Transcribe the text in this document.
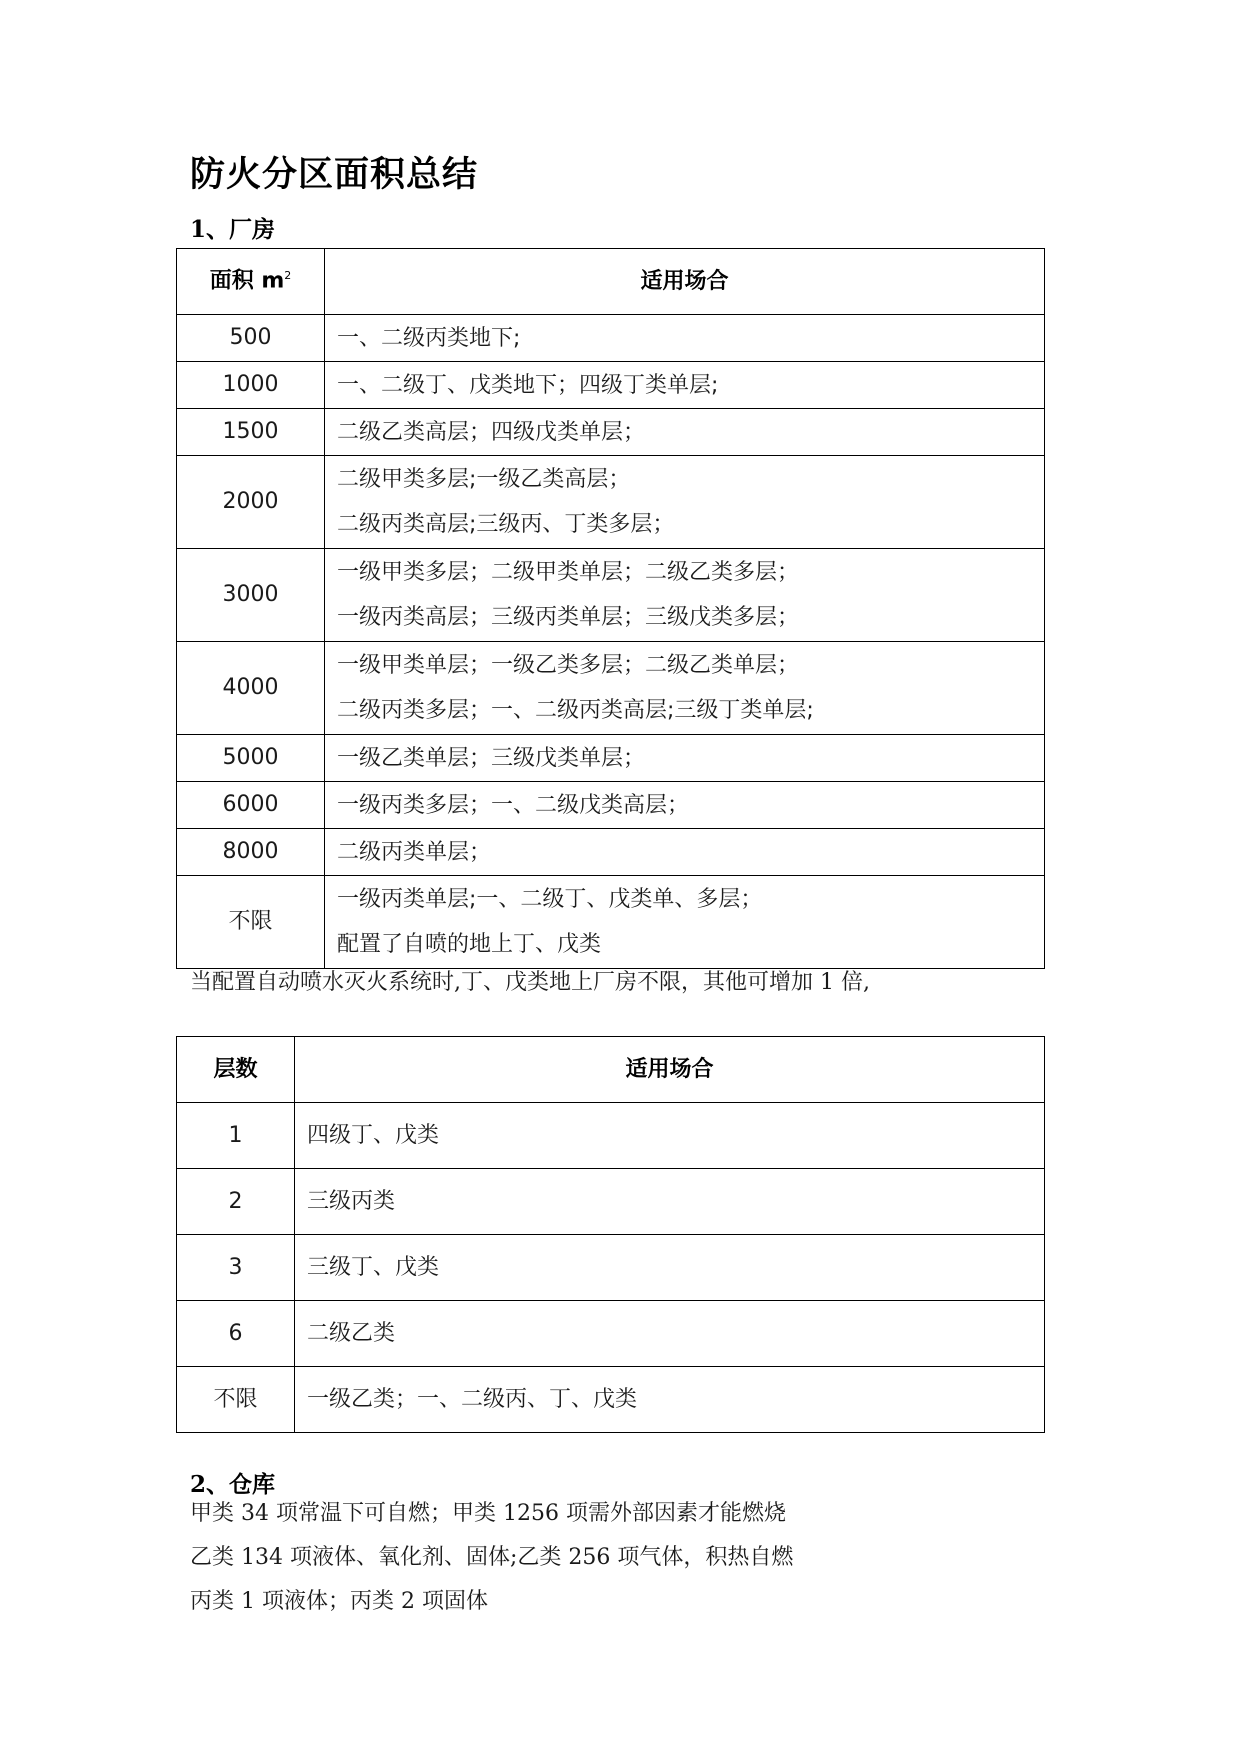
防火分区面积总结
1、厂房
面积 $m^2$	适用场合
500	一、二级丙类地下;

1000	一、二级丁、戊类地下；四级丁类单层;

1500	二级乙类高层；四级戊类单层；

2000	二级甲类多层;一级乙类高层；
二级丙类高层;三级丙、丁类多层；

3000	一级甲类多层；二级甲类单层；二级乙类多层；
一级丙类高层；三级丙类单层；三级戊类多层；

4000	一级甲类单层；一级乙类多层；二级乙类单层；
二级丙类多层；一、二级丙类高层;三级丁类单层;

5000	一级乙类单层；三级戊类单层；

6000	一级丙类多层；一、二级戊类高层；

8000	二级丙类单层；

不限	一级丙类单层;一、二级丁、戊类单、多层；
配置了自喷的地上丁、戊类
当配置自动喷水灭火系统时,丁、戊类地上厂房不限，其他可增加 1 倍,
层数	适用场合
1	四级丁、戊类
2	三级丙类
3	三级丁、戊类
6	二级乙类
不限	一级乙类；一、二级丙、丁、戊类
2、仓库
甲类 34 项常温下可自燃；甲类 1256 项需外部因素才能燃烧
乙类 134 项液体、氧化剂、固体;乙类 256 项气体，积热自燃
丙类 1 项液体；丙类 2 项固体
